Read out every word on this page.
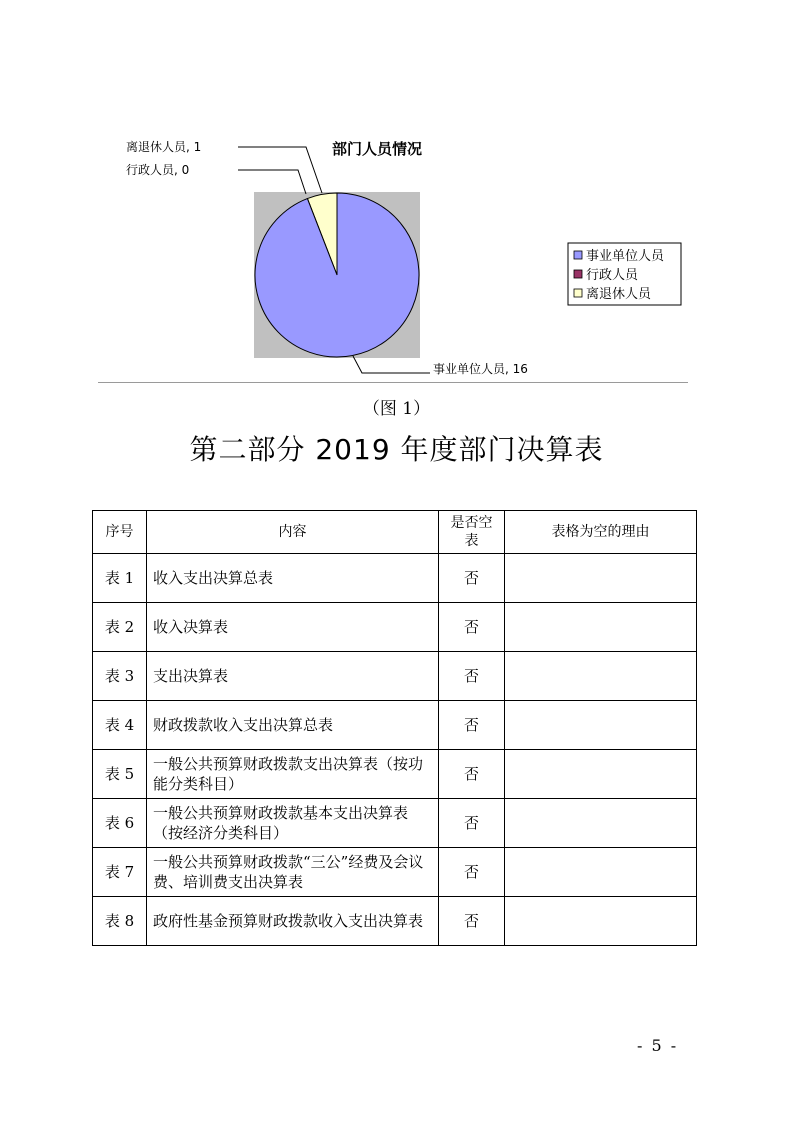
部门人员情况
离退休人员, 1
行政人员, 0
事业单位人员, 16
事业单位人员
行政人员
离退休人员
（图 1）
第二部分 2019 年度部门决算表
序号	内容	是否空表	表格为空的理由
表 1	收入支出决算总表	否	
表 2	收入决算表	否	
表 3	支出决算表	否	
表 4	财政拨款收入支出决算总表	否	
表 5	一般公共预算财政拨款支出决算表（按功能分类科目）	否	
表 6	一般公共预算财政拨款基本支出决算表（按经济分类科目）	否	
表 7	一般公共预算财政拨款“三公”经费及会议费、培训费支出决算表	否	
表 8	政府性基金预算财政拨款收入支出决算表	否	
- 5 -
